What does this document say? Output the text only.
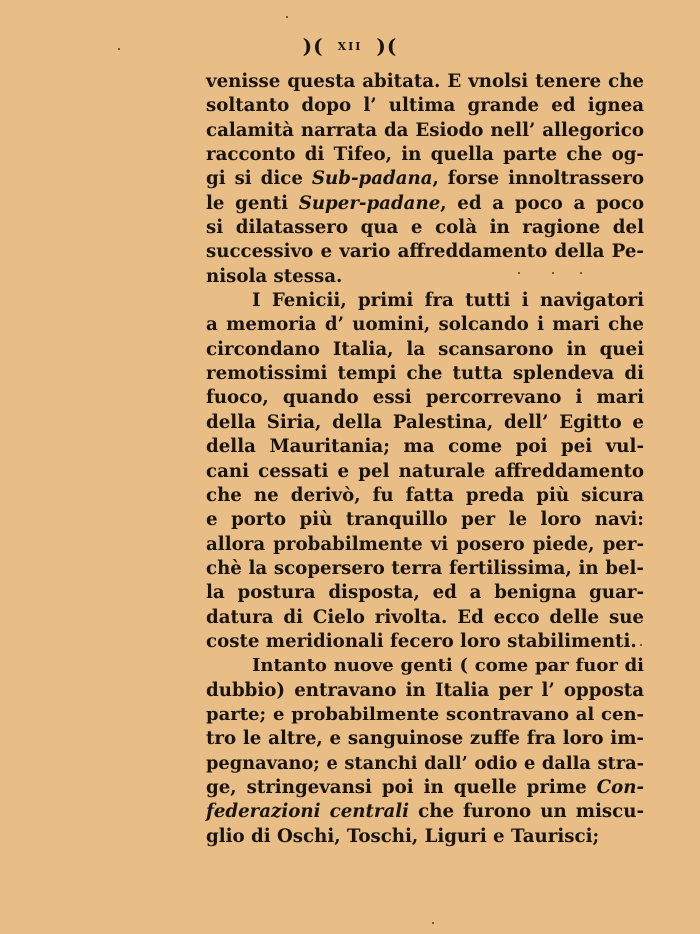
)( XII )(
venisse questa abitata. E vnolsi tenere che
soltanto dopo l’ ultima grande ed ignea
calamità narrata da Esiodo nell’ allegorico
racconto di Tifeo, in quella parte che og-
gi si dice Sub-padana, forse innoltrassero
le genti Super-padane, ed a poco a poco
si dilatassero qua e colà in ragione del
successivo e vario affreddamento della Pe-
nisola stessa.
I Fenicii, primi fra tutti i navigatori
a memoria d’ uomini, solcando i mari che
circondano Italia, la scansarono in quei
remotissimi tempi che tutta splendeva di
fuoco, quando essi percorrevano i mari
della Siria, della Palestina, dell’ Egitto e
della Mauritania; ma come poi pei vul-
cani cessati e pel naturale affreddamento
che ne derivò, fu fatta preda più sicura
e porto più tranquillo per le loro navi:
allora probabilmente vi posero piede, per-
chè la scopersero terra fertilissima, in bel-
la postura disposta, ed a benigna guar-
datura di Cielo rivolta. Ed ecco delle sue
coste meridionali fecero loro stabilimenti.
Intanto nuove genti ( come par fuor di
dubbio) entravano in Italia per l’ opposta
parte; e probabilmente scontravano al cen-
tro le altre, e sanguinose zuffe fra loro im-
pegnavano; e stanchi dall’ odio e dalla stra-
ge, stringevansi poi in quelle prime Con-
federazioni centrali che furono un miscu-
glio di Oschi, Toschi, Liguri e Taurisci;
